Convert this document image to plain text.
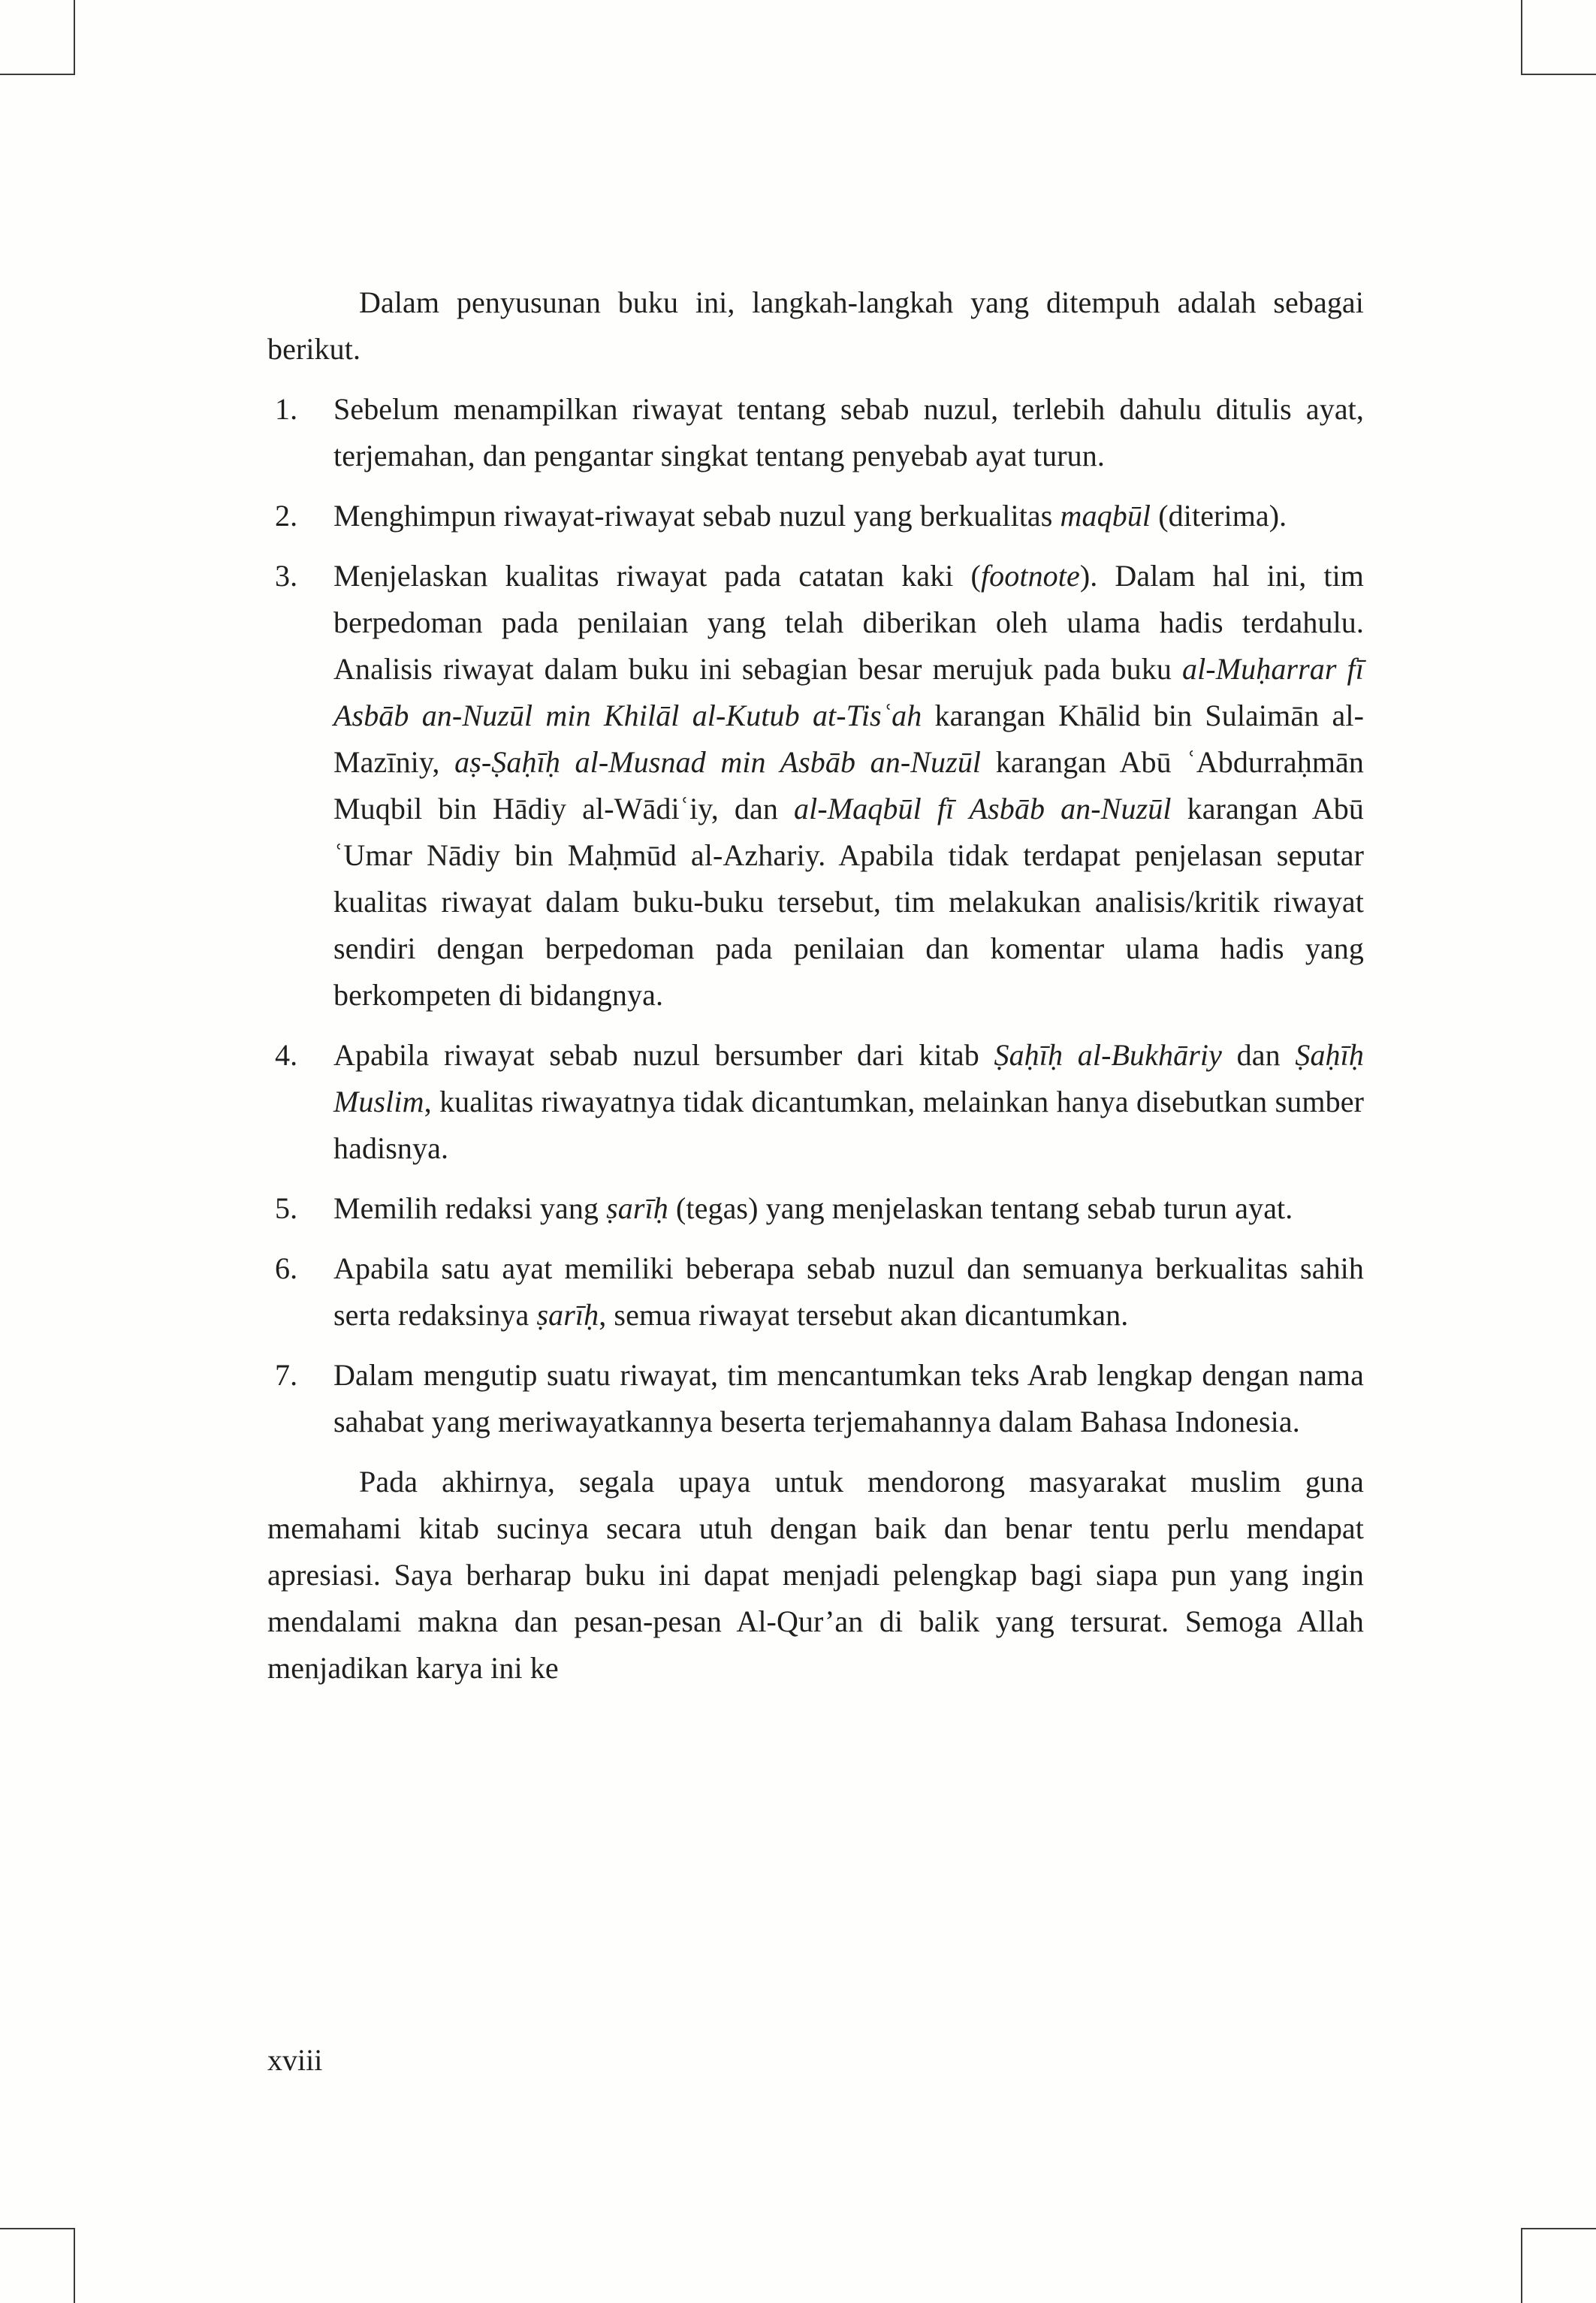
Dalam penyusunan buku ini, langkah-langkah yang ditempuh adalah sebagai berikut.

1.	Sebelum menampilkan riwayat tentang sebab nuzul, terlebih dahulu ditulis ayat, terjemahan, dan pengantar singkat tentang penyebab ayat turun.
2.	Menghimpun riwayat-riwayat sebab nuzul yang berkualitas maqbūl (diterima).
3.	Menjelaskan kualitas riwayat pada catatan kaki (footnote). Dalam hal ini, tim berpedoman pada penilaian yang telah diberikan oleh ulama hadis terdahulu. Analisis riwayat dalam buku ini sebagian besar merujuk pada buku al-Muḥarrar fī Asbāb an-Nuzūl min Khilāl al-Kutub at-Tisʿah karangan Khālid bin Sulaimān al-Mazīniy, aṣ-Ṣaḥīḥ al-Musnad min Asbāb an-Nuzūl karangan Abū ʿAbdurraḥmān Muqbil bin Hādiy al-Wādiʿiy, dan al-Maqbūl fī Asbāb an-Nuzūl karangan Abū ʿUmar Nādiy bin Maḥmūd al-Azhariy. Apabila tidak terdapat penjelasan seputar kualitas riwayat dalam buku-buku tersebut, tim melakukan analisis/kritik riwayat sendiri dengan berpedoman pada penilaian dan komentar ulama hadis yang berkompeten di bidangnya.
4.	Apabila riwayat sebab nuzul bersumber dari kitab Ṣaḥīḥ al-Bukhāriy dan Ṣaḥīḥ Muslim, kualitas riwayatnya tidak dicantumkan, melainkan hanya disebutkan sumber hadisnya.
5.	Memilih redaksi yang ṣarīḥ (tegas) yang menjelaskan tentang sebab turun ayat.
6.	Apabila satu ayat memiliki beberapa sebab nuzul dan semuanya berkualitas sahih serta redaksinya ṣarīḥ, semua riwayat tersebut akan dicantumkan.
7.	Dalam mengutip suatu riwayat, tim mencantumkan teks Arab lengkap dengan nama sahabat yang meriwayatkannya beserta terjemahannya dalam Bahasa Indonesia.

Pada akhirnya, segala upaya untuk mendorong masyarakat muslim guna memahami kitab sucinya secara utuh dengan baik dan benar tentu perlu mendapat apresiasi. Saya berharap buku ini dapat menjadi pelengkap bagi siapa pun yang ingin mendalami makna dan pesan-pesan Al-Qur’an di balik yang tersurat. Semoga Allah menjadikan karya ini ke

xviii
